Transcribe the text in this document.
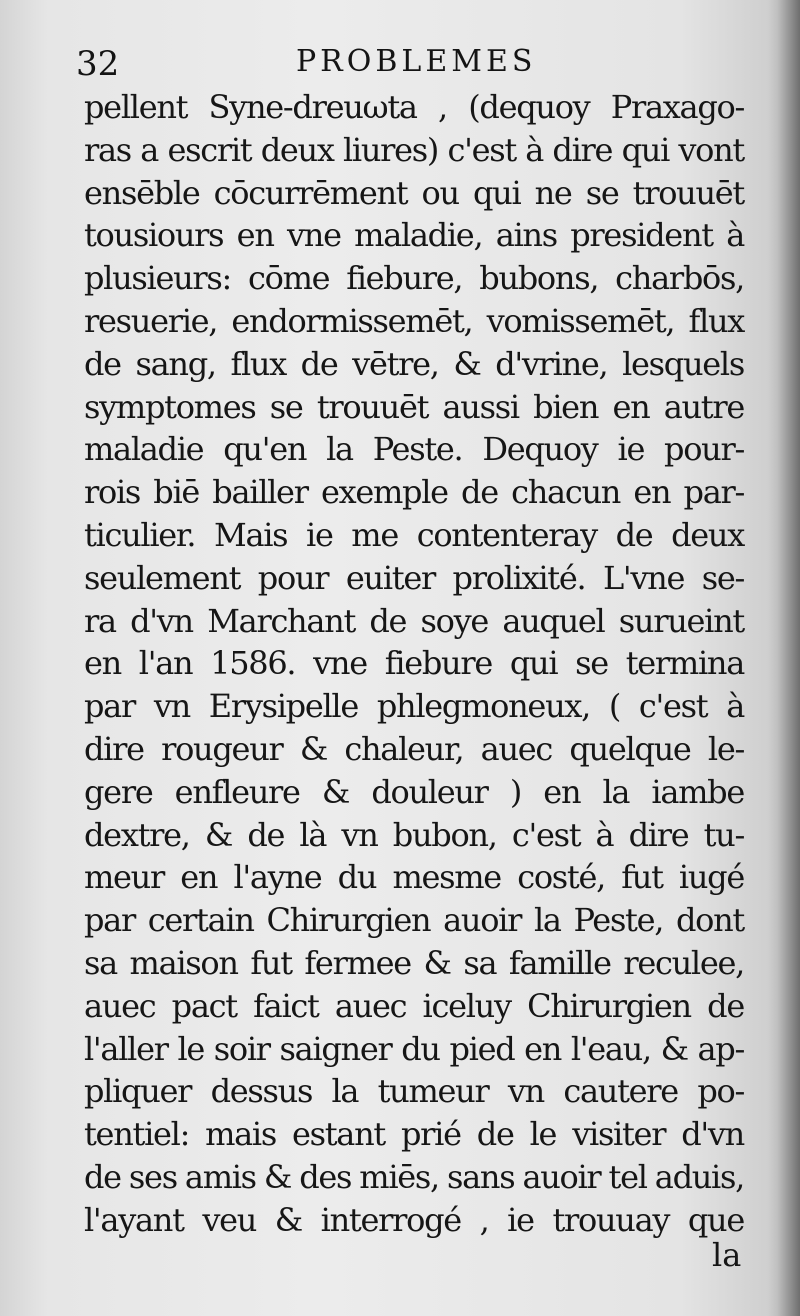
32	PROBLEMES
pellent Syne-dreuωta , (dequoy Praxago-
ras a escrit deux liures) c'est à dire qui vont
ensēble cōcurrēment ou qui ne se trouuēt
tousiours en vne maladie, ains president à
plusieurs: cōme fiebure, bubons, charbōs,
resuerie, endormissemēt, vomissemēt, flux
de sang, flux de vētre, & d'vrine, lesquels
symptomes se trouuēt aussi bien en autre
maladie qu'en la Peste. Dequoy ie pour-
rois biē bailler exemple de chacun en par-
ticulier. Mais ie me contenteray de deux
seulement pour euiter prolixité. L'vne se-
ra d'vn Marchant de soye auquel surueint
en l'an 1586. vne fiebure qui se termina
par vn Erysipelle phlegmoneux, ( c'est à
dire rougeur & chaleur, auec quelque le-
gere enfleure & douleur ) en la iambe
dextre, & de là vn bubon, c'est à dire tu-
meur en l'ayne du mesme costé, fut iugé
par certain Chirurgien auoir la Peste, dont
sa maison fut fermee & sa famille reculee,
auec pact faict auec iceluy Chirurgien de
l'aller le soir saigner du pied en l'eau, & ap-
pliquer dessus la tumeur vn cautere po-
tentiel: mais estant prié de le visiter d'vn
de ses amis & des miēs, sans auoir tel aduis,
l'ayant veu & interrogé , ie trouuay que
la
